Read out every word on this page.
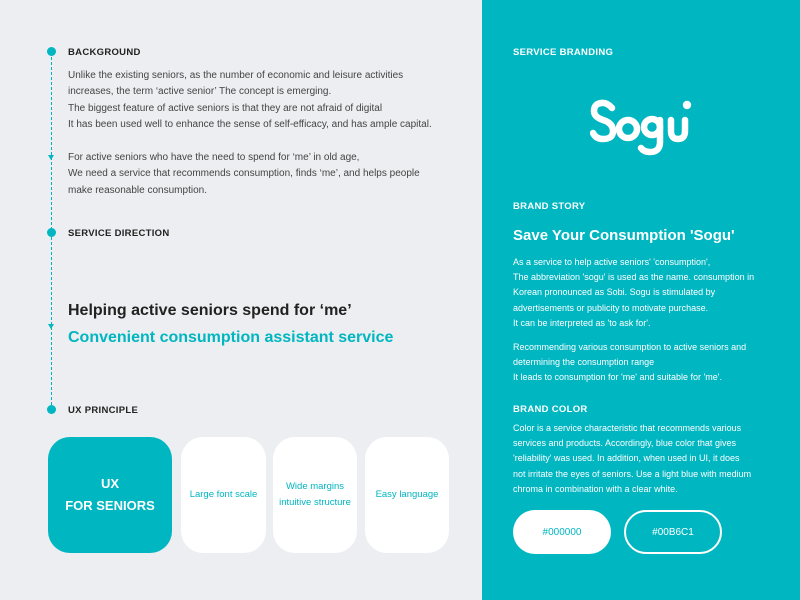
BACKGROUND
Unlike the existing seniors, as the number of economic and leisure activities
increases, the term ‘active senior’ The concept is emerging.
The biggest feature of active seniors is that they are not afraid of digital
It has been used well to enhance the sense of self-efficacy, and has ample capital.
For active seniors who have the need to spend for ‘me’ in old age,
We need a service that recommends consumption, finds ‘me’, and helps people
make reasonable consumption.
SERVICE DIRECTION
Helping active seniors spend for ‘me’
Convenient consumption assistant service
UX PRINCIPLE
UX
FOR SENIORS
Large font scale
Wide margins
intuitive structure
Easy language
SERVICE BRANDING
BRAND STORY
Save Your Consumption 'Sogu'
As a service to help active seniors' 'consumption',
The abbreviation 'sogu' is used as the name. consumption in
Korean pronounced as Sobi. Sogu is stimulated by
advertisements or publicity to motivate purchase.
It can be interpreted as 'to ask for'.
Recommending various consumption to active seniors and
determining the consumption range
It leads to consumption for 'me' and suitable for 'me'.
BRAND COLOR
Color is a service characteristic that recommends various
services and products. Accordingly, blue color that gives
'reliability' was used. In addition, when used in UI, it does
not irritate the eyes of seniors. Use a light blue with medium
chroma in combination with a clear white.
#000000	#00B6C1
